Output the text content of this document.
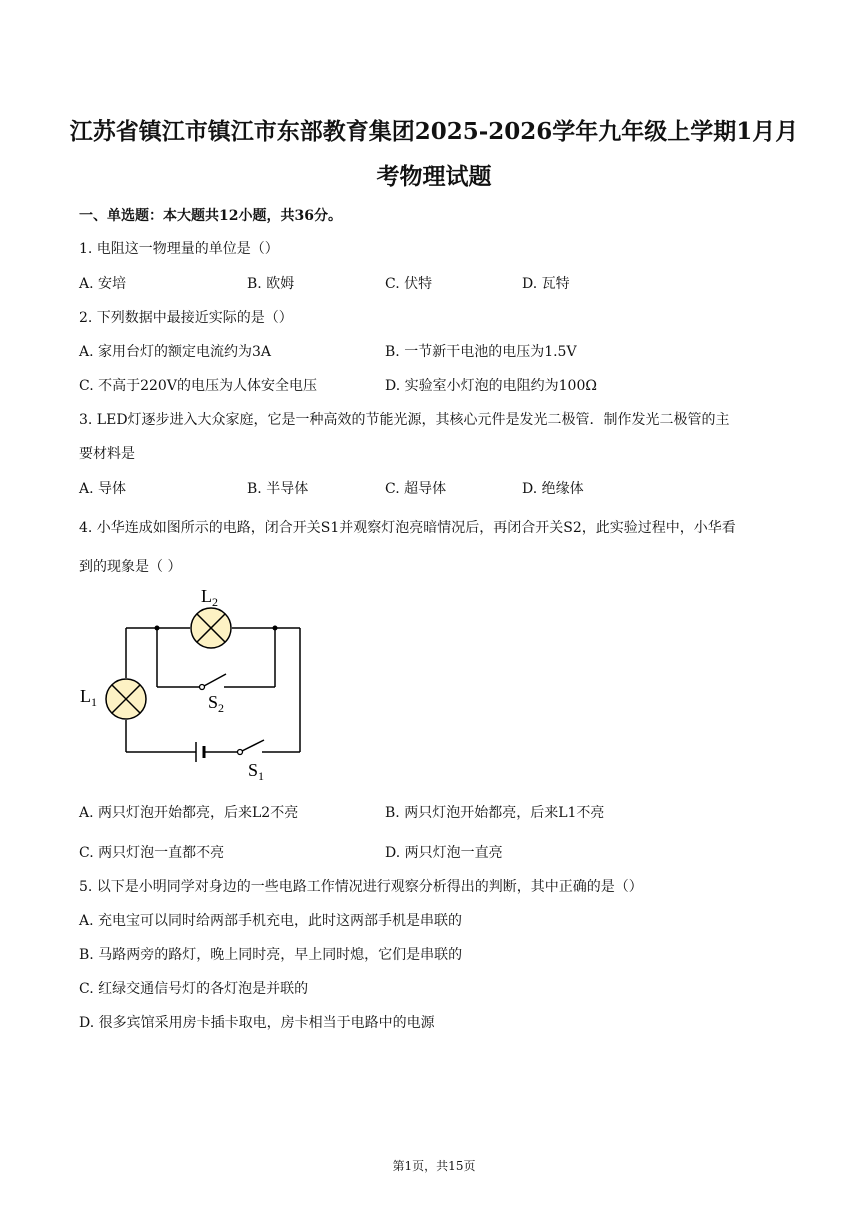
江苏省镇江市镇江市东部教育集团2025-2026学年九年级上学期1月月
考物理试题
一、单选题：本大题共12小题，共36分。
1. 电阻这一物理量的单位是（）
A. 安培	B. 欧姆	C. 伏特	D. 瓦特
2. 下列数据中最接近实际的是（）
A. 家用台灯的额定电流约为3A	B. 一节新干电池的电压为1.5V
C. 不高于220V的电压为人体安全电压	D. 实验室小灯泡的电阻约为100Ω
3. LED灯逐步进入大众家庭，它是一种高效的节能光源，其核心元件是发光二极管．制作发光二极管的主
要材料是
A. 导体	B. 半导体	C. 超导体	D. 绝缘体
4. 小华连成如图所示的电路，闭合开关S1并观察灯泡亮暗情况后，再闭合开关S2，此实验过程中，小华看
到的现象是（ ）
$L_2$
$L_1$	$S_2$
$S_1$
A. 两只灯泡开始都亮，后来L2不亮	B. 两只灯泡开始都亮，后来L1不亮
C. 两只灯泡一直都不亮	D. 两只灯泡一直亮
5. 以下是小明同学对身边的一些电路工作情况进行观察分析得出的判断，其中正确的是（）
A. 充电宝可以同时给两部手机充电，此时这两部手机是串联的
B. 马路两旁的路灯，晚上同时亮，早上同时熄，它们是串联的
C. 红绿交通信号灯的各灯泡是并联的
D. 很多宾馆采用房卡插卡取电，房卡相当于电路中的电源
第1页，共15页
